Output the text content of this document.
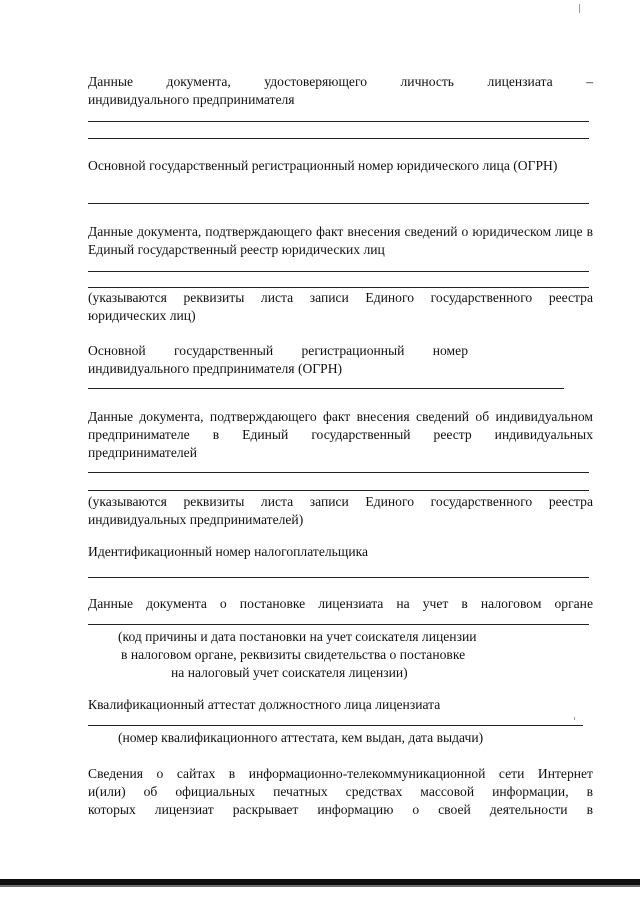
Данные документа, удостоверяющего личность лицензиата –
индивидуального предпринимателя
Основной государственный регистрационный номер юридического лица (ОГРН)
Данные документа, подтверждающего факт внесения сведений о юридическом лице в Единый государственный реестр юридических лиц
(указываются реквизиты листа записи Единого государственного реестра юридических лиц)
Основной государственный регистрационный номер
индивидуального предпринимателя (ОГРН)
Данные документа, подтверждающего факт внесения сведений об индивидуальном предпринимателе в Единый государственный реестр индивидуальных предпринимателей
(указываются реквизиты листа записи Единого государственного реестра индивидуальных предпринимателей)
Идентификационный номер налогоплательщика
Данные документа о постановке лицензиата на учет в налоговом органе
(код причины и дата постановки на учет соискателя лицензии
в налоговом органе, реквизиты свидетельства о постановке
на налоговый учет соискателя лицензии)
Квалификационный аттестат должностного лица лицензиата
(номер квалификационного аттестата, кем выдан, дата выдачи)
Сведения о сайтах в информационно-телекоммуникационной сети Интернет
и(или) об официальных печатных средствах массовой информации, в
которых лицензиат раскрывает информацию о своей деятельности в
